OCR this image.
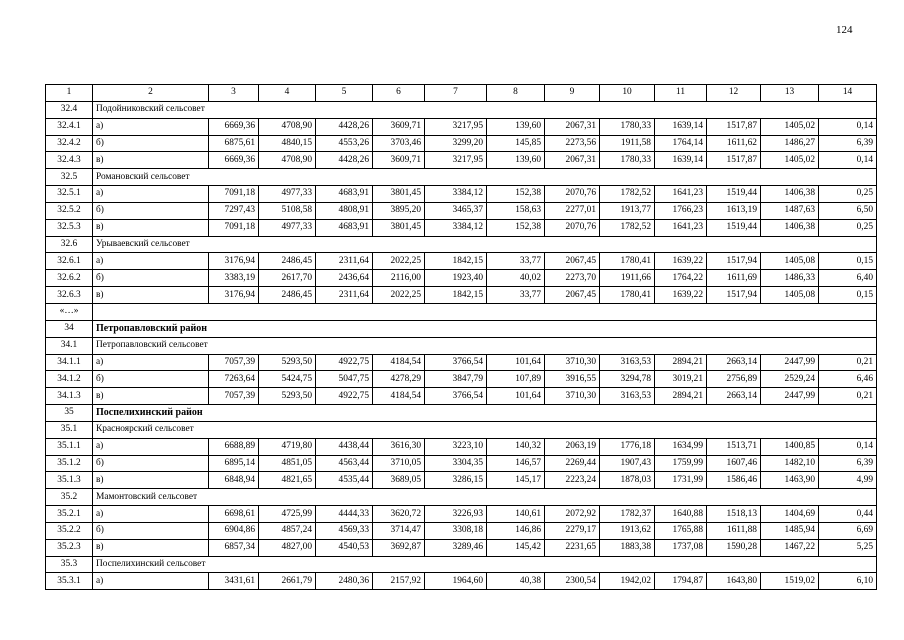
124
1	2	3	4	5	6	7	8	9	10	11	12	13	14
32.4	Подойниковский сельсовет												
32.4.1	а)	6669,36	4708,90	4428,26	3609,71	3217,95	139,60	2067,31	1780,33	1639,14	1517,87	1405,02	0,14
32.4.2	б)	6875,61	4840,15	4553,26	3703,46	3299,20	145,85	2273,56	1911,58	1764,14	1611,62	1486,27	6,39
32.4.3	в)	6669,36	4708,90	4428,26	3609,71	3217,95	139,60	2067,31	1780,33	1639,14	1517,87	1405,02	0,14
32.5	Романовский сельсовет												
32.5.1	а)	7091,18	4977,33	4683,91	3801,45	3384,12	152,38	2070,76	1782,52	1641,23	1519,44	1406,38	0,25
32.5.2	б)	7297,43	5108,58	4808,91	3895,20	3465,37	158,63	2277,01	1913,77	1766,23	1613,19	1487,63	6,50
32.5.3	в)	7091,18	4977,33	4683,91	3801,45	3384,12	152,38	2070,76	1782,52	1641,23	1519,44	1406,38	0,25
32.6	Урываевский сельсовет												
32.6.1	а)	3176,94	2486,45	2311,64	2022,25	1842,15	33,77	2067,45	1780,41	1639,22	1517,94	1405,08	0,15
32.6.2	б)	3383,19	2617,70	2436,64	2116,00	1923,40	40,02	2273,70	1911,66	1764,22	1611,69	1486,33	6,40
32.6.3	в)	3176,94	2486,45	2311,64	2022,25	1842,15	33,77	2067,45	1780,41	1639,22	1517,94	1405,08	0,15
«…»													
34	Петропавловский район												
34.1	Петропавловский сельсовет												
34.1.1	а)	7057,39	5293,50	4922,75	4184,54	3766,54	101,64	3710,30	3163,53	2894,21	2663,14	2447,99	0,21
34.1.2	б)	7263,64	5424,75	5047,75	4278,29	3847,79	107,89	3916,55	3294,78	3019,21	2756,89	2529,24	6,46
34.1.3	в)	7057,39	5293,50	4922,75	4184,54	3766,54	101,64	3710,30	3163,53	2894,21	2663,14	2447,99	0,21
35	Поспелихинский район												
35.1	Красноярский сельсовет												
35.1.1	а)	6688,89	4719,80	4438,44	3616,30	3223,10	140,32	2063,19	1776,18	1634,99	1513,71	1400,85	0,14
35.1.2	б)	6895,14	4851,05	4563,44	3710,05	3304,35	146,57	2269,44	1907,43	1759,99	1607,46	1482,10	6,39
35.1.3	в)	6848,94	4821,65	4535,44	3689,05	3286,15	145,17	2223,24	1878,03	1731,99	1586,46	1463,90	4,99
35.2	Мамонтовский сельсовет												
35.2.1	а)	6698,61	4725,99	4444,33	3620,72	3226,93	140,61	2072,92	1782,37	1640,88	1518,13	1404,69	0,44
35.2.2	б)	6904,86	4857,24	4569,33	3714,47	3308,18	146,86	2279,17	1913,62	1765,88	1611,88	1485,94	6,69
35.2.3	в)	6857,34	4827,00	4540,53	3692,87	3289,46	145,42	2231,65	1883,38	1737,08	1590,28	1467,22	5,25
35.3	Поспелихинский сельсовет												
35.3.1	а)	3431,61	2661,79	2480,36	2157,92	1964,60	40,38	2300,54	1942,02	1794,87	1643,80	1519,02	6,10
